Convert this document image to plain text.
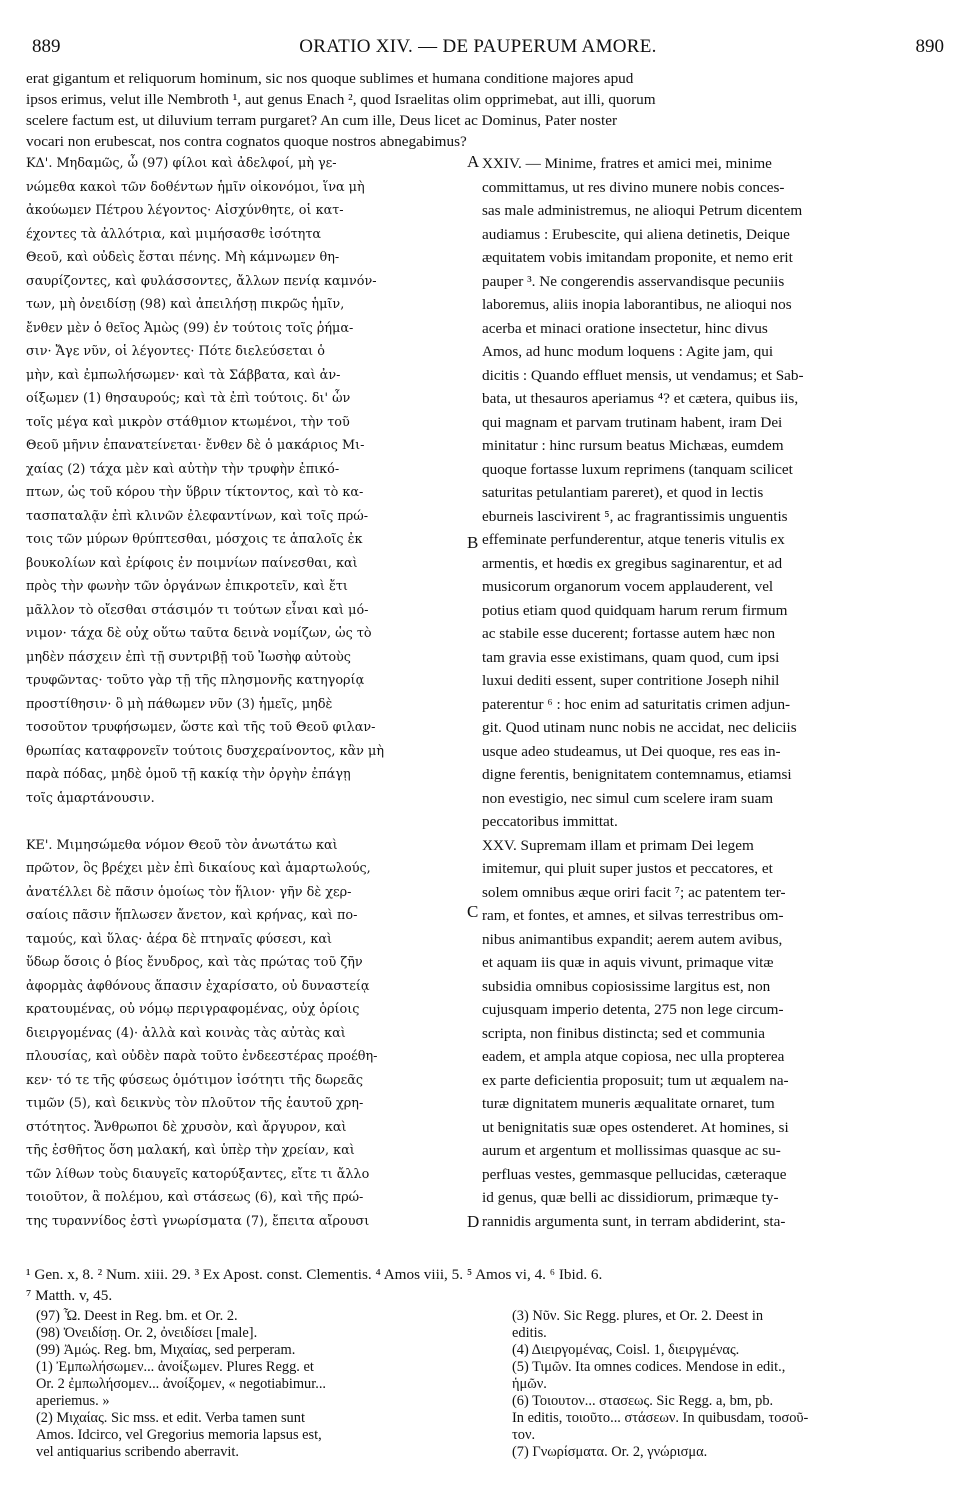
889	ORATIO XIV. — DE PAUPERUM AMORE.	890
erat gigantum et reliquorum hominum, sic nos quoque sublimes et humana conditione majores apud
ipsos erimus, velut ille Nembroth ¹, aut genus Enach ², quod Israelitas olim opprimebat, aut illi, quorum
scelere factum est, ut diluvium terram purgaret? An cum ille, Deus licet ac Dominus, Pater noster
vocari non erubescat, nos contra cognatos quoque nostros abnegabimus?
ΚΔ'. Μηδαμῶς, ὦ (97) φίλοι καὶ ἀδελφοί, μὴ γε-
νώμεθα κακοὶ τῶν δοθέντων ἡμῖν οἰκονόμοι, ἵνα μὴ
ἀκούωμεν Πέτρου λέγοντος· Αἰσχύνθητε, οἱ κατ-
έχοντες τὰ ἀλλότρια, καὶ μιμήσασθε ἰσότητα
Θεοῦ, καὶ οὐδεὶς ἔσται πένης. Μὴ κάμνωμεν θη-
σαυρίζοντες, καὶ φυλάσσοντες, ἄλλων πενίᾳ καμνόν-
των, μὴ ὀνειδίσῃ (98) καὶ ἀπειλήσῃ πικρῶς ἡμῖν,
ἔνθεν μὲν ὁ θεῖος Ἀμὼς (99) ἐν τούτοις τοῖς ῥήμα-
σιν· Ἄγε νῦν, οἱ λέγοντες· Πότε διελεύσεται ὁ
μὴν, καὶ ἐμπωλήσωμεν· καὶ τὰ Σάββατα, καὶ ἀν-
οίξωμεν (1) θησαυρούς; καὶ τὰ ἐπὶ τούτοις. δι' ὧν
τοῖς μέγα καὶ μικρὸν στάθμιον κτωμένοι, τὴν τοῦ
Θεοῦ μῆνιν ἐπανατείνεται· ἔνθεν δὲ ὁ μακάριος Μι-
χαίας (2) τάχα μὲν καὶ αὐτὴν τὴν τρυφὴν ἐπικό-
πτων, ὡς τοῦ κόρου τὴν ὕβριν τίκτοντος, καὶ τὸ κα-
τασπαταλᾷν ἐπὶ κλινῶν ἐλεφαντίνων, καὶ τοῖς πρώ-
τοις τῶν μύρων θρύπτεσθαι, μόσχοις τε ἁπαλοῖς ἐκ
βουκολίων καὶ ἐρίφοις ἐν ποιμνίων παίνεσθαι, καὶ
πρὸς τὴν φωνὴν τῶν ὀργάνων ἐπικροτεῖν, καὶ ἔτι
μᾶλλον τὸ οἴεσθαι στάσιμόν τι τούτων εἶναι καὶ μό-
νιμον· τάχα δὲ οὐχ οὕτω ταῦτα δεινὰ νομίζων, ὡς τὸ
μηδὲν πάσχειν ἐπὶ τῇ συντριβῇ τοῦ Ἰωσὴφ αὐτοὺς
τρυφῶντας· τοῦτο γὰρ τῇ τῆς πλησμονῆς κατηγορίᾳ
προστίθησιν· ὃ μὴ πάθωμεν νῦν (3) ἡμεῖς, μηδὲ
τοσοῦτον τρυφήσωμεν, ὥστε καὶ τῆς τοῦ Θεοῦ φιλαν-
θρωπίας καταφρονεῖν τούτοις δυσχεραίνοντος, κἂν μὴ
παρὰ πόδας, μηδὲ ὁμοῦ τῇ κακίᾳ τὴν ὀργὴν ἐπάγῃ
τοῖς ἁμαρτάνουσιν.

ΚΕ'. Μιμησώμεθα νόμον Θεοῦ τὸν ἀνωτάτω καὶ
πρῶτον, ὃς βρέχει μὲν ἐπὶ δικαίους καὶ ἁμαρτωλούς,
ἀνατέλλει δὲ πᾶσιν ὁμοίως τὸν ἥλιον· γῆν δὲ χερ-
σαίοις πᾶσιν ἥπλωσεν ἄνετον, καὶ κρήνας, καὶ πο-
ταμούς, καὶ ὕλας· ἀέρα δὲ πτηναῖς φύσεσι, καὶ
ὕδωρ ὅσοις ὁ βίος ἔνυδρος, καὶ τὰς πρώτας τοῦ ζῆν
ἀφορμὰς ἀφθόνους ἅπασιν ἐχαρίσατο, οὐ δυναστείᾳ
κρατουμένας, οὐ νόμῳ περιγραφομένας, οὐχ ὁρίοις
διειργομένας (4)· ἀλλὰ καὶ κοινὰς τὰς αὐτὰς καὶ
πλουσίας, καὶ οὐδὲν παρὰ τοῦτο ἐνδεεστέρας προέθη-
κεν· τό τε τῆς φύσεως ὁμότιμον ἰσότητι τῆς δωρεᾶς
τιμῶν (5), καὶ δεικνὺς τὸν πλοῦτον τῆς ἑαυτοῦ χρη-
στότητος. Ἄνθρωποι δὲ χρυσὸν, καὶ ἄργυρον, καὶ
τῆς ἐσθῆτος ὅση μαλακή, καὶ ὑπὲρ τὴν χρείαν, καὶ
τῶν λίθων τοὺς διαυγεῖς κατορύξαντες, εἴτε τι ἄλλο
τοιοῦτον, ἃ πολέμου, καὶ στάσεως (6), καὶ τῆς πρώ-
της τυραννίδος ἐστὶ γνωρίσματα (7), ἔπειτα αἴρουσι
XXIV. — Minime, fratres et amici mei, minime
committamus, ut res divino munere nobis conces-
sas male administremus, ne alioqui Petrum dicentem
audiamus : Erubescite, qui aliena detinetis, Deique
æquitatem vobis imitandam proponite, et nemo erit
pauper ³. Ne congerendis asservandisque pecuniis
laboremus, aliis inopia laborantibus, ne alioqui nos
acerba et minaci oratione insectetur, hinc divus
Amos, ad hunc modum loquens : Agite jam, qui
dicitis : Quando effluet mensis, ut vendamus; et Sab-
bata, ut thesauros aperiamus ⁴? et cætera, quibus iis,
qui magnam et parvam trutinam habent, iram Dei
minitatur : hinc rursum beatus Michæas, eumdem
quoque fortasse luxum reprimens (tanquam scilicet
saturitas petulantiam pareret), et quod in lectis
eburneis lascivirent ⁵, ac fragrantissimis unguentis
effeminate perfunderentur, atque teneris vitulis ex
armentis, et hœdis ex gregibus saginarentur, et ad
musicorum organorum vocem applauderent, vel
potius etiam quod quidquam harum rerum firmum
ac stabile esse ducerent; fortasse autem hæc non
tam gravia esse existimans, quam quod, cum ipsi
luxui dediti essent, super contritione Joseph nihil
paterentur ⁶ : hoc enim ad saturitatis crimen adjun-
git. Quod utinam nunc nobis ne accidat, nec deliciis
usque adeo studeamus, ut Dei quoque, res eas in-
digne ferentis, benignitatem contemnamus, etiamsi
non evestigio, nec simul cum scelere iram suam
peccatoribus immittat.
XXV. Supremam illam et primam Dei legem
imitemur, qui pluit super justos et peccatores, et
solem omnibus æque oriri facit ⁷; ac patentem ter-
ram, et fontes, et amnes, et silvas terrestribus om-
nibus animantibus expandit; aerem autem avibus,
et aquam iis quæ in aquis vivunt, primaque vitæ
subsidia omnibus copiosissime largitus est, non
cujusquam imperio detenta, 275 non lege circum-
scripta, non finibus distincta; sed et communia
eadem, et ampla atque copiosa, nec ulla propterea
ex parte deficientia proposuit; tum ut æqualem na-
turæ dignitatem muneris æqualitate ornaret, tum
ut benignitatis suæ opes ostenderet. At homines, si
aurum et argentum et mollissimas quasque ac su-
perfluas vestes, gemmasque pellucidas, cæteraque
id genus, quæ belli ac dissidiorum, primæque ty-
rannidis argumenta sunt, in terram abdiderint, sta-
A
B
C
D
¹ Gen. x, 8. ² Num. xiii. 29. ³ Ex Apost. const. Clementis. ⁴ Amos viii, 5. ⁵ Amos vi, 4. ⁶ Ibid. 6.
⁷ Matth. v, 45.
(97) Ὦ. Deest in Reg. bm. et Or. 2.
(98) Ὀνειδίσῃ. Or. 2, ὀνειδίσει [male].
(99) Ἀμώς. Reg. bm, Μιχαίας, sed perperam.
(1) Ἐμπωλήσωμεν... ἀνοίξωμεν. Plures Regg. et
Or. 2 ἐμπωλήσομεν... ἀνοίξομεν, « negotiabimur...
aperiemus. »
(2) Μιχαίας. Sic mss. et edit. Verba tamen sunt
Amos. Idcirco, vel Gregorius memoria lapsus est,
vel antiquarius scribendo aberravit.
(3) Νῦν. Sic Regg. plures, et Or. 2. Deest in
editis.
(4) Διειργομένας, Coisl. 1, διειργμένας.
(5) Τιμῶν. Ita omnes codices. Mendose in edit.,
ἡμῶν.
(6) Τοιουτον... στασεως. Sic Regg. a, bm, pb.
In editis, τοιοῦτο... στάσεων. In quibusdam, τοσοῦ-
τον.
(7) Γνωρίσματα. Or. 2, γνώρισμα.
